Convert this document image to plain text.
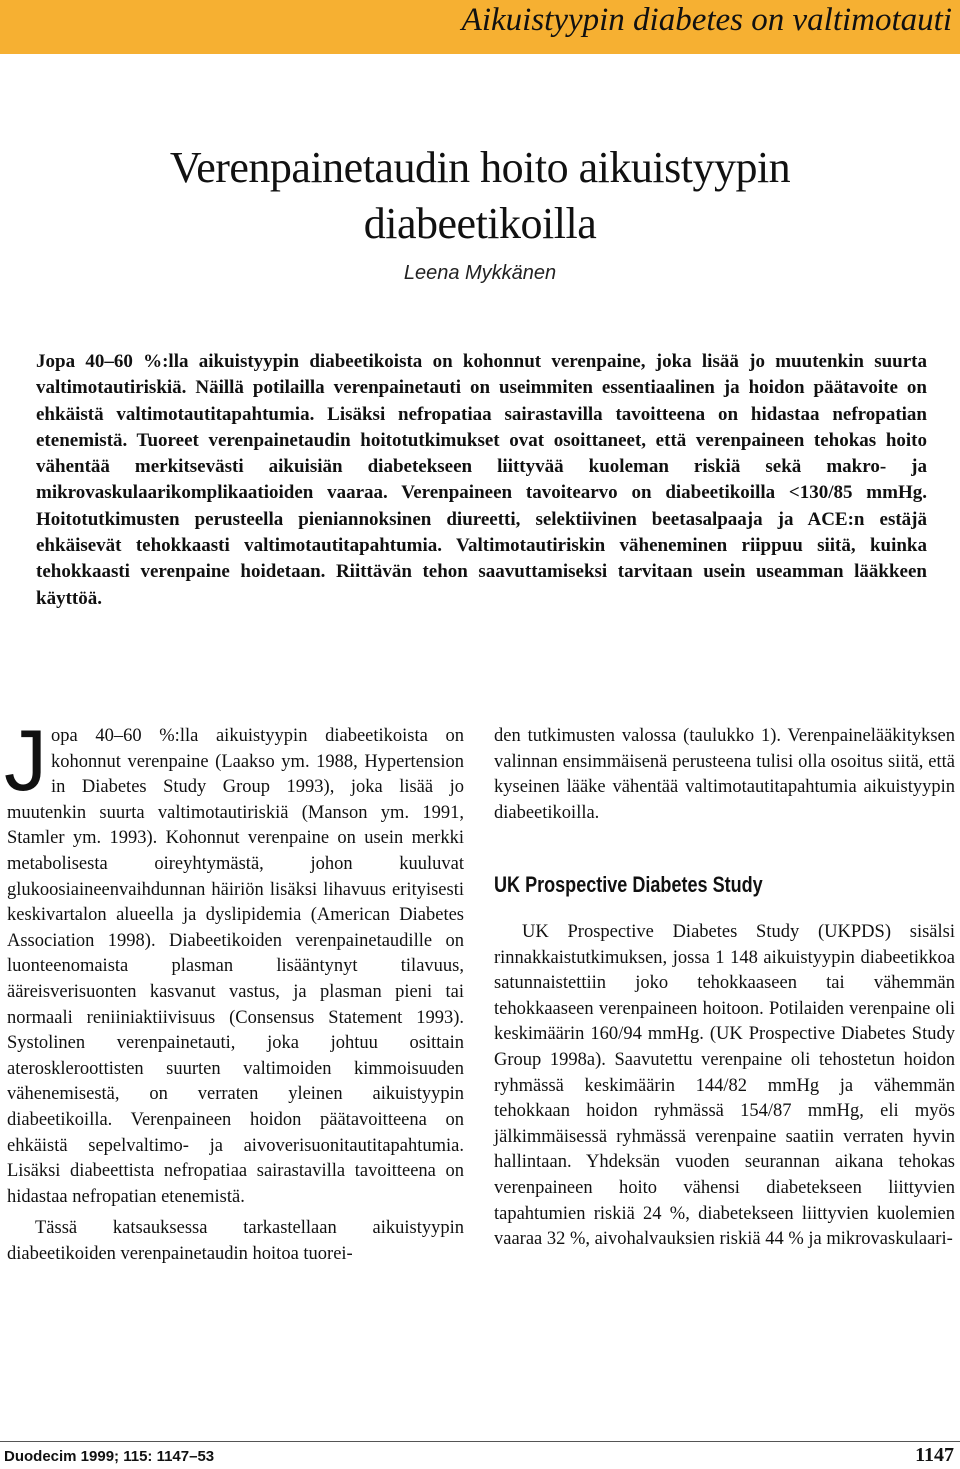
Aikuistyypin diabetes on valtimotauti
Verenpainetaudin hoito aikuistyypin
diabeetikoilla
Leena Mykkänen

Jopa 40–60 %:lla aikuistyypin diabeetikoista on kohonnut verenpaine, joka lisää jo muutenkin suurta valtimotautiriskiä. Näillä potilailla verenpainetauti on useimmiten essentiaalinen ja hoidon päätavoite on ehkäistä valtimotautitapahtumia. Lisäksi nefropatiaa sairastavilla tavoitteena on hidastaa nefropatian etenemistä. Tuoreet verenpainetaudin hoitotutkimukset ovat osoittaneet, että verenpaineen tehokas hoito vähentää merkitsevästi aikuisiän diabetekseen liittyvää kuoleman riskiä sekä makro- ja mikrovaskulaarikomplikaatioiden vaaraa. Verenpaineen tavoitearvo on diabeetikoilla <130/85 mmHg. Hoitotutkimusten perusteella pieniannoksinen diureetti, selektiivinen beetasalpaaja ja ACE:n estäjä ehkäisevät tehokkaasti valtimotautitapahtumia. Valtimotautiriskin väheneminen riippuu siitä, kuinka tehokkaasti verenpaine hoidetaan. Riittävän tehon saavuttamiseksi tarvitaan usein useamman lääkkeen käyttöä.

Jopa 40–60 %:lla aikuistyypin diabeetikoista on kohonnut verenpaine (Laakso ym. 1988, Hypertension in Diabetes Study Group 1993), joka lisää jo muutenkin suurta valtimotautiriskiä (Manson ym. 1991, Stamler ym. 1993). Kohonnut verenpaine on usein merkki metabolisesta oireyhtymästä, johon kuuluvat glukoosiaineenvaihdunnan häiriön lisäksi lihavuus erityisesti keskivartalon alueella ja dyslipidemia (American Diabetes Association 1998). Diabeetikoiden verenpainetaudille on luonteenomaista plasman lisääntynyt tilavuus, ääreisverisuonten kasvanut vastus, ja plasman pieni tai normaali reniiniaktiivisuus (Consensus Statement 1993). Systolinen verenpainetauti, joka johtuu osittain ateroskleroottisten suurten valtimoiden kimmoisuuden vähenemisestä, on verraten yleinen aikuistyypin diabeetikoilla. Verenpaineen hoidon päätavoitteena on ehkäistä sepelvaltimo- ja aivoverisuonitautitapahtumia. Lisäksi diabeettista nefropatiaa sairastavilla tavoitteena on hidastaa nefropatian etenemistä.

Tässä katsauksessa tarkastellaan aikuistyypin diabeetikoiden verenpainetaudin hoitoa tuorei-

den tutkimusten valossa (taulukko 1). Verenpainelääkityksen valinnan ensimmäisenä perusteena tulisi olla osoitus siitä, että kyseinen lääke vähentää valtimotautitapahtumia aikuistyypin diabeetikoilla.

UK Prospective Diabetes Study

UK Prospective Diabetes Study (UKPDS) sisälsi rinnakkaistutkimuksen, jossa 1 148 aikuistyypin diabeetikkoa satunnaistettiin joko tehokkaaseen tai vähemmän tehokkaaseen verenpaineen hoitoon. Potilaiden verenpaine oli keskimäärin 160/94 mmHg. (UK Prospective Diabetes Study Group 1998a). Saavutettu verenpaine oli tehostetun hoidon ryhmässä keskimäärin 144/82 mmHg ja vähemmän tehokkaan hoidon ryhmässä 154/87 mmHg, eli myös jälkimmäisessä ryhmässä verenpaine saatiin verraten hyvin hallintaan. Yhdeksän vuoden seurannan aikana tehokas verenpaineen hoito vähensi diabetekseen liittyvien tapahtumien riskiä 24 %, diabetekseen liittyvien kuolemien vaaraa 32 %, aivohalvauksien riskiä 44 % ja mikrovaskulaari-

Duodecim 1999; 115: 1147–53	1147
